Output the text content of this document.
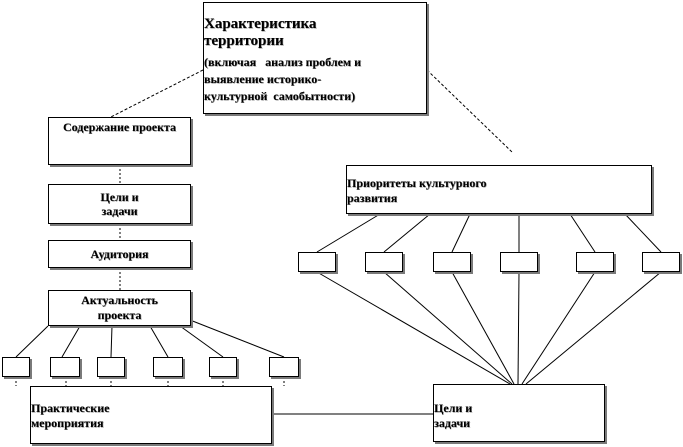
Характеристика
территории
(включая   анализ проблем и
выявление историко-
культурной  самобытности)
Содержание проекта
Цели и
задачи
Аудитория
Актуальность
проекта
Практические
мероприятия
Приоритеты культурного
развития
Цели и
задачи
